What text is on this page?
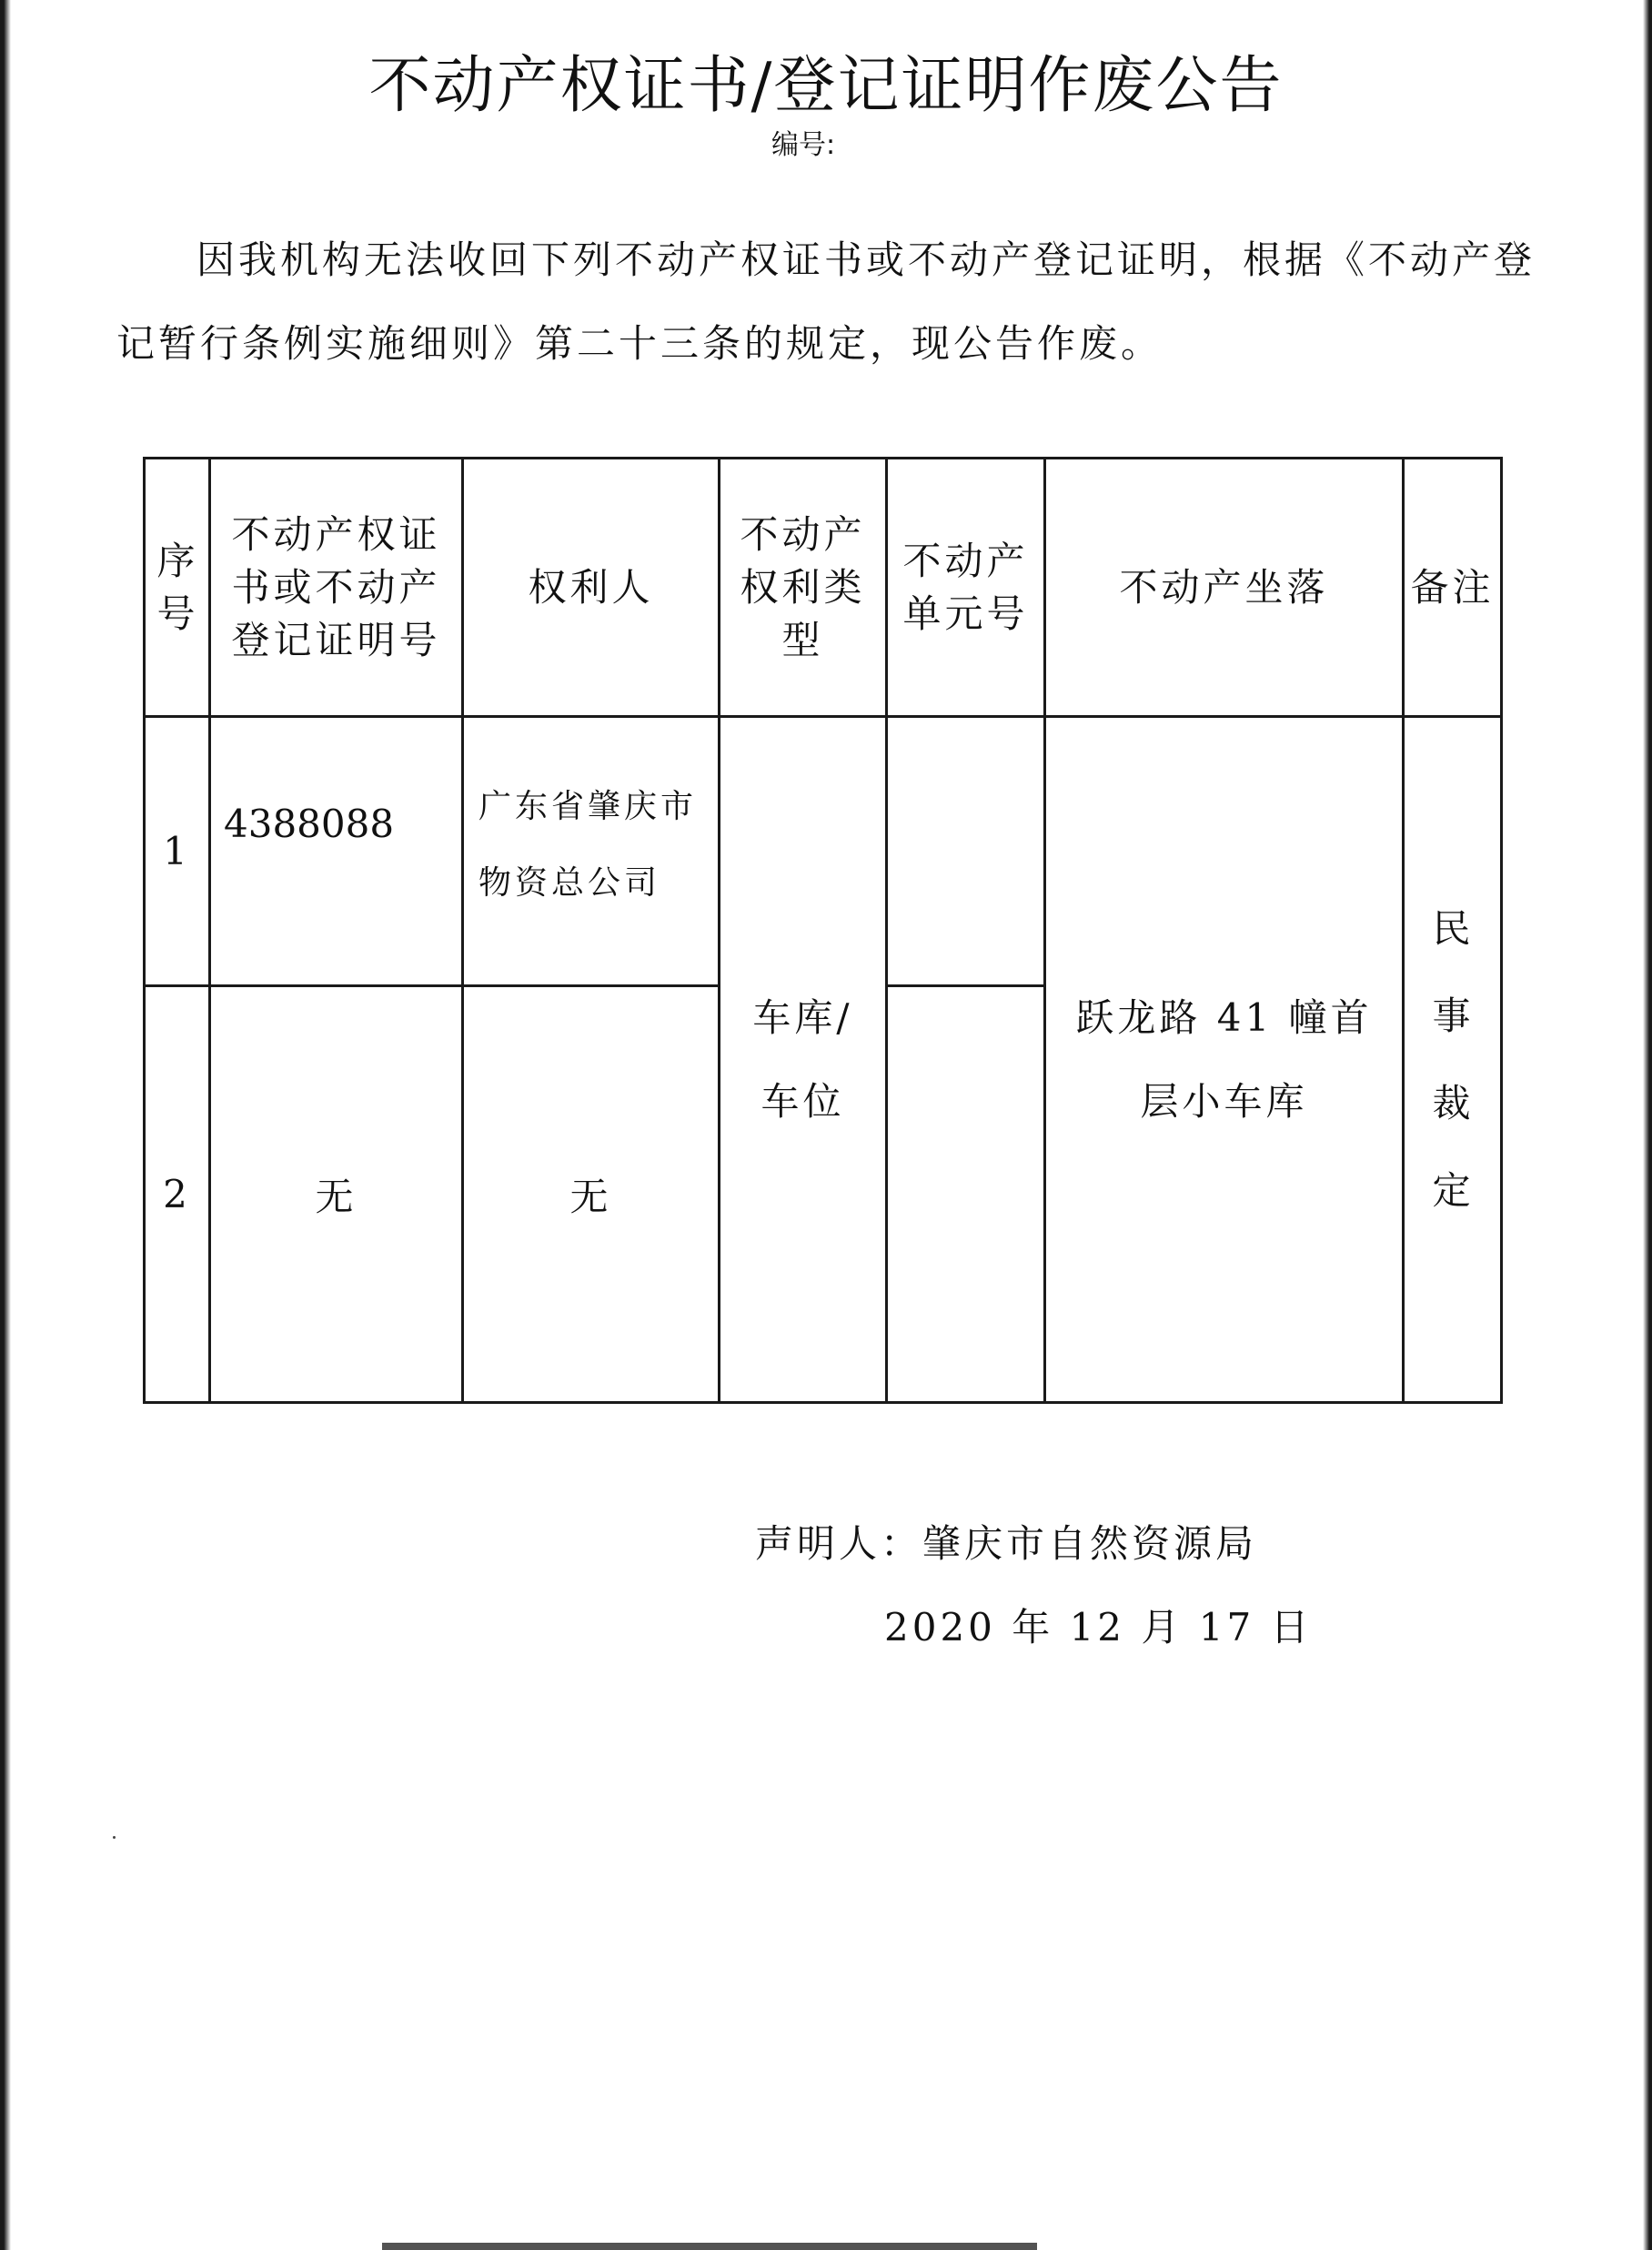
不动产权证书/登记证明作废公告
编号:
因我机构无法收回下列不动产权证书或不动产登记证明，根据《不动产登记暂行条例实施细则》第二十三条的规定，现公告作废。
序号	不动产权证书或不动产登记证明号	权利人	不动产权利类型	不动产单元号	不动产坐落	备注
1	4388088	广东省肇庆市物资总公司	车库/车位		跃龙路 41 幢首层小车库	民事裁定
2	无	无				
声明人：肇庆市自然资源局
2020 年 12 月 17 日
